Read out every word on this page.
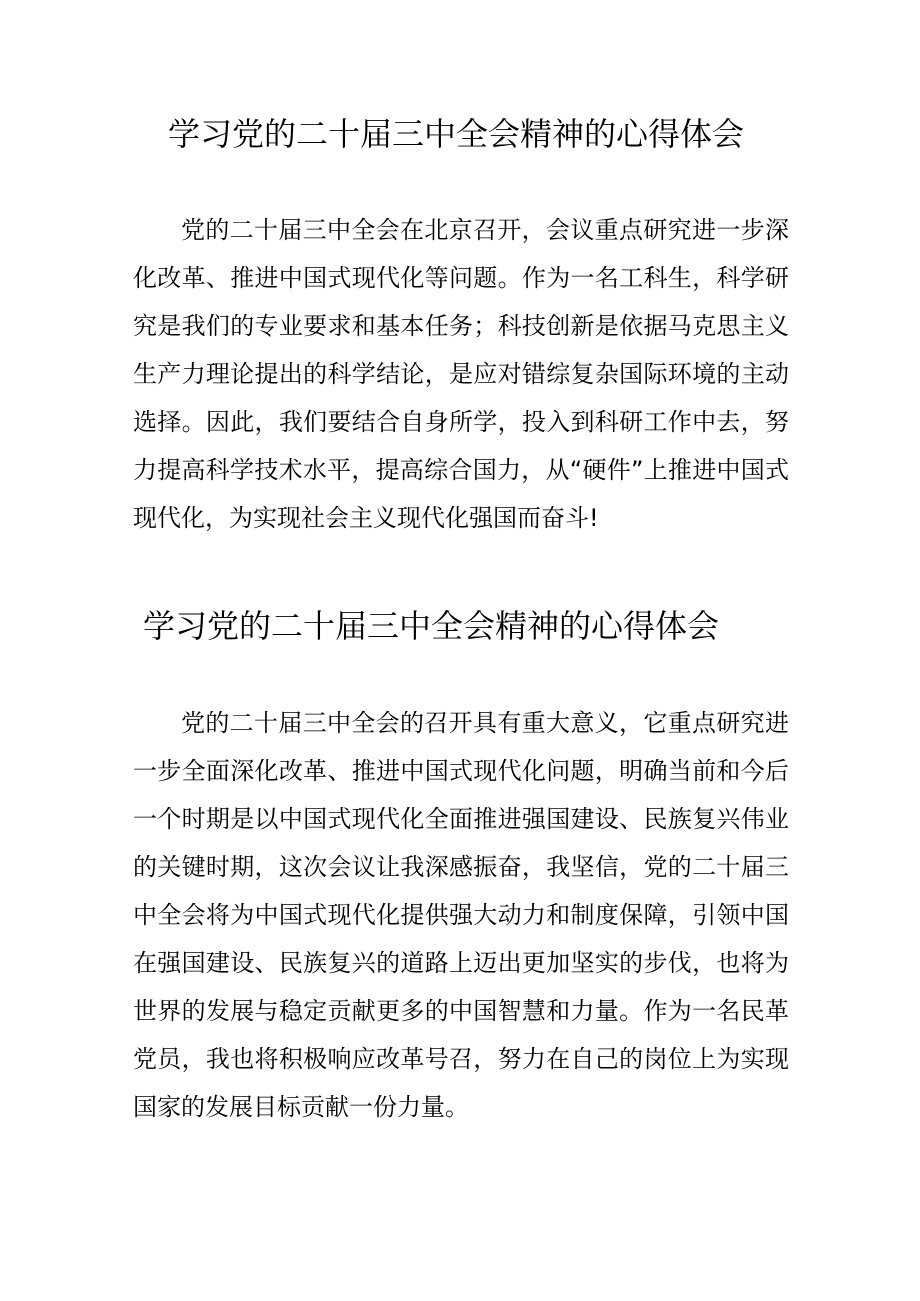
学习党的二十届三中全会精神的心得体会

党的二十届三中全会在北京召开，会议重点研究进一步深化改革、推进中国式现代化等问题。作为一名工科生，科学研究是我们的专业要求和基本任务；科技创新是依据马克思主义生产力理论提出的科学结论，是应对错综复杂国际环境的主动选择。因此，我们要结合自身所学，投入到科研工作中去，努力提高科学技术水平，提高综合国力，从“硬件”上推进中国式现代化，为实现社会主义现代化强国而奋斗!

学习党的二十届三中全会精神的心得体会

党的二十届三中全会的召开具有重大意义，它重点研究进一步全面深化改革、推进中国式现代化问题，明确当前和今后一个时期是以中国式现代化全面推进强国建设、民族复兴伟业的关键时期，这次会议让我深感振奋，我坚信，党的二十届三中全会将为中国式现代化提供强大动力和制度保障，引领中国在强国建设、民族复兴的道路上迈出更加坚实的步伐，也将为世界的发展与稳定贡献更多的中国智慧和力量。作为一名民革党员，我也将积极响应改革号召，努力在自己的岗位上为实现国家的发展目标贡献一份力量。
